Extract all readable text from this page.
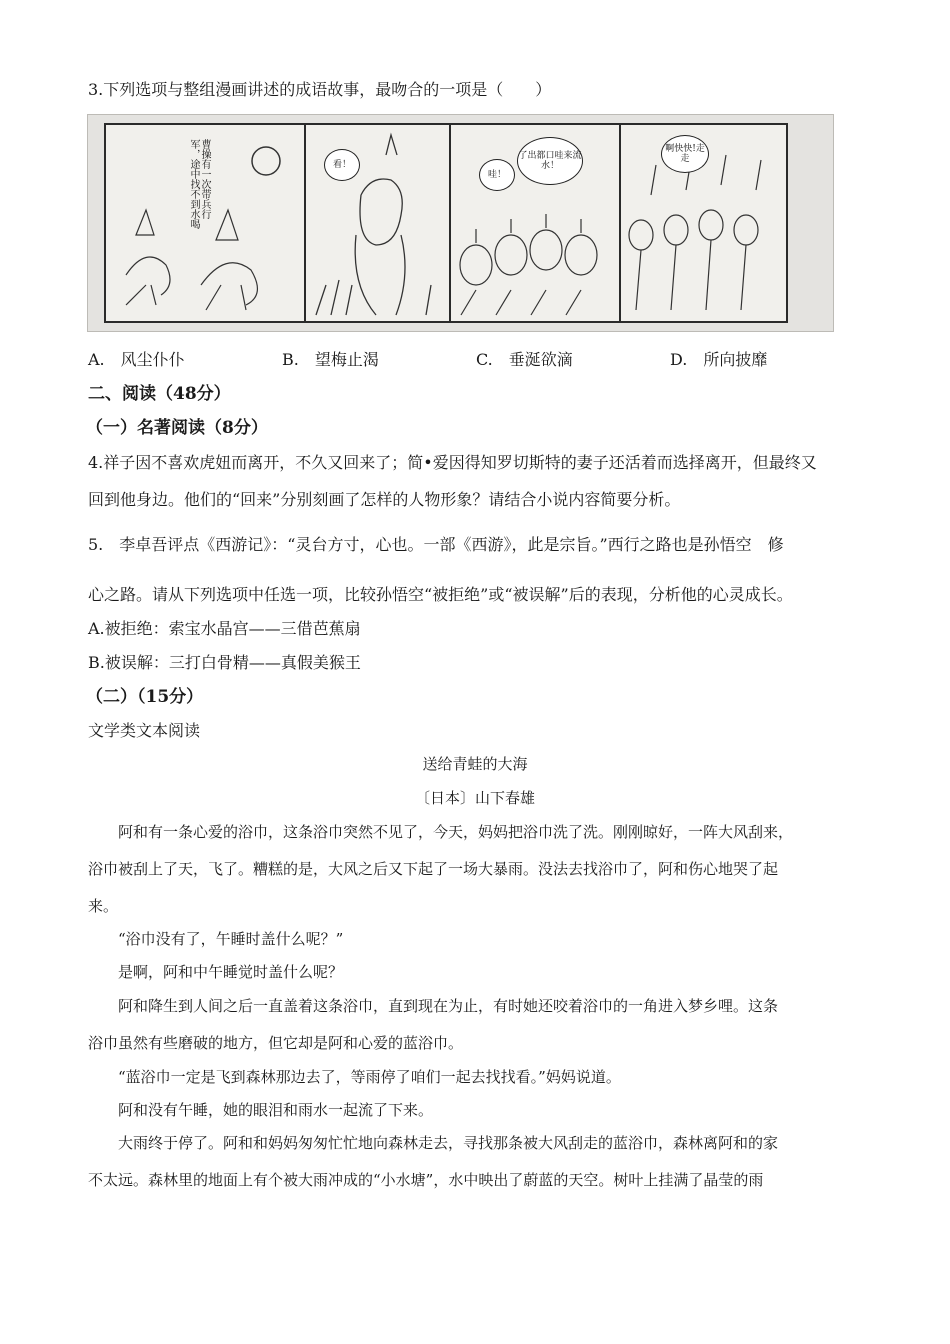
3.下列选项与整组漫画讲述的成语故事，最吻合的一项是（　　）
曹操有一次带兵行军，途中找不到水喝	看！
哇！
了出都口哇来流水！
啊快快!走走
A.　风尘仆仆	B.　望梅止渴	C.　垂涎欲滴	D.　所向披靡
二、阅读（48分）
（一）名著阅读（8分）
4.祥子因不喜欢虎妞而离开，不久又回来了；简•爱因得知罗切斯特的妻子还活着而选择离开，但最终又
回到他身边。他们的“回来”分别刻画了怎样的人物形象？请结合小说内容简要分析。
5.　李卓吾评点《西游记》：“灵台方寸，心也。一部《西游》，此是宗旨。”西行之路也是孙悟空　修
心之路。请从下列选项中任选一项，比较孙悟空“被拒绝”或“被误解”后的表现，分析他的心灵成长。
A.被拒绝：索宝水晶宫——三借芭蕉扇
B.被误解：三打白骨精——真假美猴王
（二）（15分）
文学类文本阅读
送给青蛙的大海
〔日本〕山下春雄
　　阿和有一条心爱的浴巾，这条浴巾突然不见了，今天，妈妈把浴巾洗了洗。刚刚晾好，一阵大风刮来，
浴巾被刮上了天，飞了。糟糕的是，大风之后又下起了一场大暴雨。没法去找浴巾了，阿和伤心地哭了起
来。
　　“浴巾没有了，午睡时盖什么呢？”
　　是啊，阿和中午睡觉时盖什么呢？
　　阿和降生到人间之后一直盖着这条浴巾，直到现在为止，有时她还咬着浴巾的一角进入梦乡哩。这条
浴巾虽然有些磨破的地方，但它却是阿和心爱的蓝浴巾。
　　“蓝浴巾一定是飞到森林那边去了，等雨停了咱们一起去找找看。”妈妈说道。
　　阿和没有午睡，她的眼泪和雨水一起流了下来。
　　大雨终于停了。阿和和妈妈匆匆忙忙地向森林走去，寻找那条被大风刮走的蓝浴巾，森林离阿和的家
不太远。森林里的地面上有个被大雨冲成的“小水塘”，水中映出了蔚蓝的天空。树叶上挂满了晶莹的雨
